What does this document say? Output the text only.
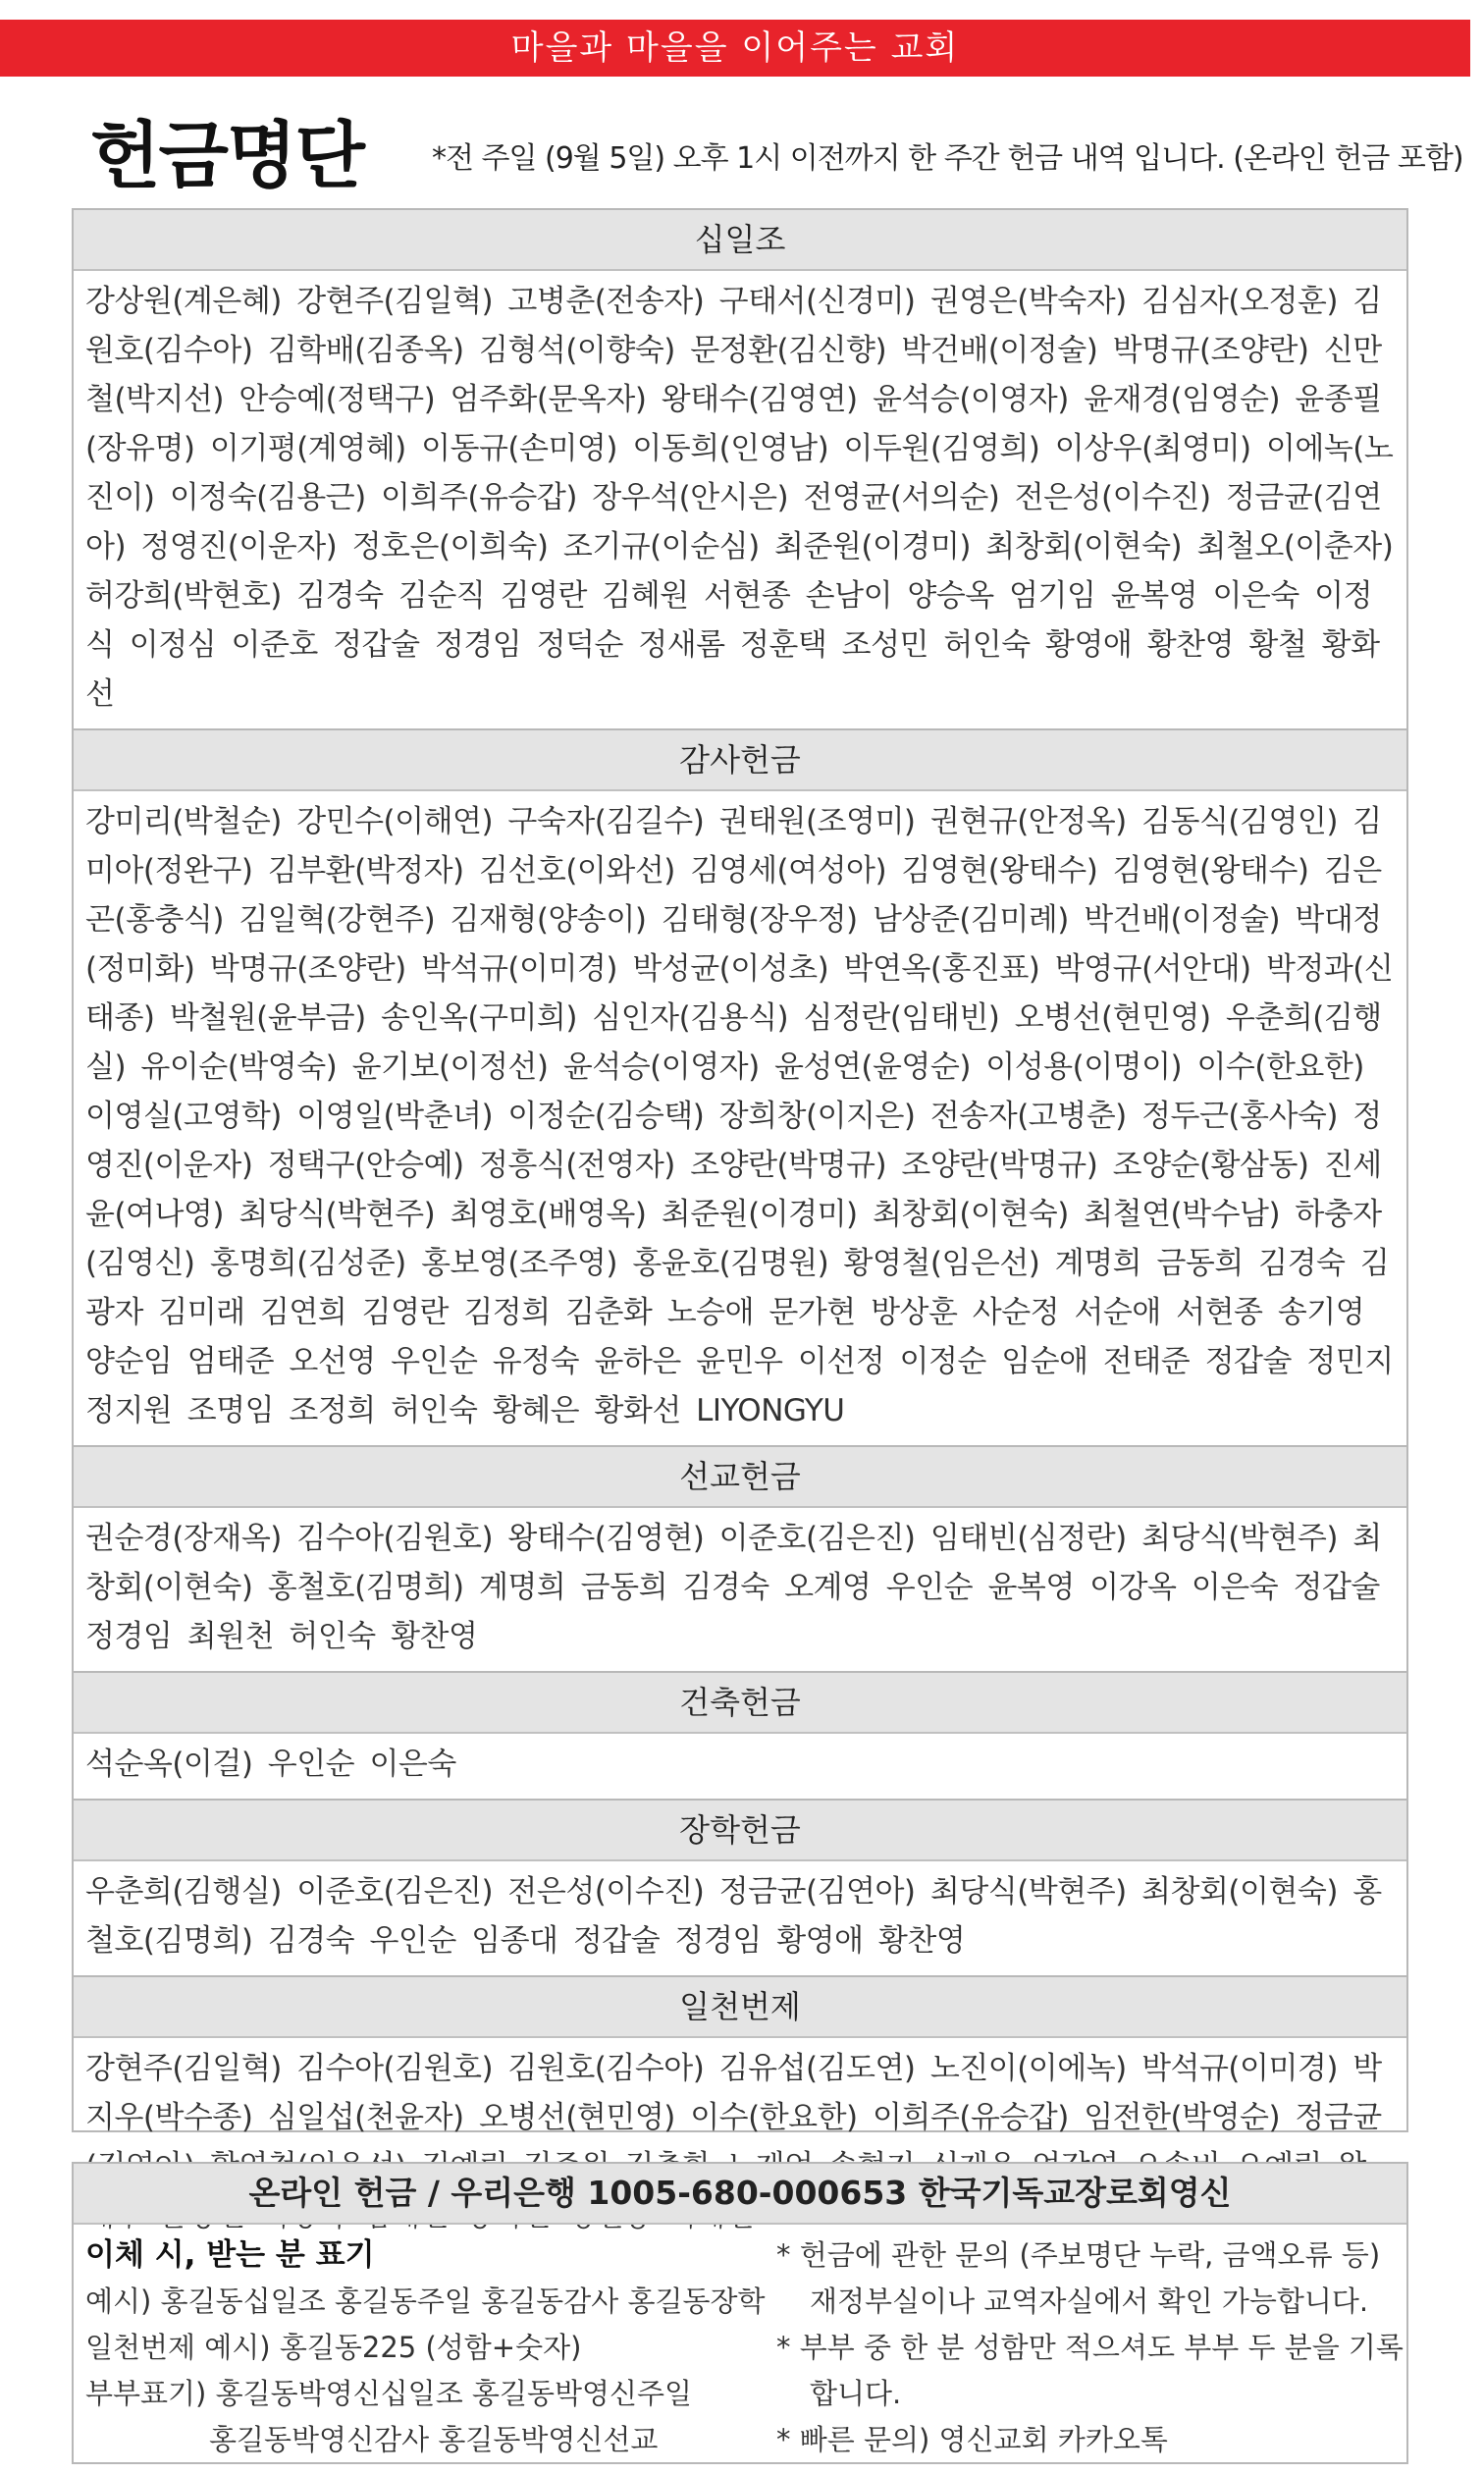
마을과 마을을 이어주는 교회
헌금명단 *전 주일 (9월 5일) 오후 1시 이전까지 한 주간 헌금 내역 입니다. (온라인 헌금 포함)
십일조
강상원(계은혜) 강현주(김일혁) 고병춘(전송자) 구태서(신경미) 권영은(박숙자) 김심자(오정훈) 김원호(김수아) 김학배(김종옥) 김형석(이향숙) 문정환(김신향) 박건배(이정술) 박명규(조양란) 신만철(박지선) 안승예(정택구) 엄주화(문옥자) 왕태수(김영연) 윤석승(이영자) 윤재경(임영순) 윤종필(장유명) 이기평(계영혜) 이동규(손미영) 이동희(인영남) 이두원(김영희) 이상우(최영미) 이에녹(노진이) 이정숙(김용근) 이희주(유승갑) 장우석(안시은) 전영균(서의순) 전은성(이수진) 정금균(김연아) 정영진(이운자) 정호은(이희숙) 조기규(이순심) 최준원(이경미) 최창회(이현숙) 최철오(이춘자) 허강희(박현호) 김경숙 김순직 김영란 김혜원 서현종 손남이 양승옥 엄기임 윤복영 이은숙 이정식 이정심 이준호 정갑술 정경임 정덕순 정새롬 정훈택 조성민 허인숙 황영애 황찬영 황철 황화선
감사헌금
강미리(박철순) 강민수(이해연) 구숙자(김길수) 권태원(조영미) 권현규(안정옥) 김동식(김영인) 김미아(정완구) 김부환(박정자) 김선호(이와선) 김영세(여성아) 김영현(왕태수) 김영현(왕태수) 김은곤(홍충식) 김일혁(강현주) 김재형(양송이) 김태형(장우정) 남상준(김미례) 박건배(이정술) 박대정(정미화) 박명규(조양란) 박석규(이미경) 박성균(이성초) 박연옥(홍진표) 박영규(서안대) 박정과(신태종) 박철원(윤부금) 송인옥(구미희) 심인자(김용식) 심정란(임태빈) 오병선(현민영) 우춘희(김행실) 유이순(박영숙) 윤기보(이정선) 윤석승(이영자) 윤성연(윤영순) 이성용(이명이) 이수(한요한) 이영실(고영학) 이영일(박춘녀) 이정순(김승택) 장희창(이지은) 전송자(고병춘) 정두근(홍사숙) 정영진(이운자) 정택구(안승예) 정흥식(전영자) 조양란(박명규) 조양란(박명규) 조양순(황삼동) 진세윤(여나영) 최당식(박현주) 최영호(배영옥) 최준원(이경미) 최창회(이현숙) 최철연(박수남) 하충자(김영신) 홍명희(김성준) 홍보영(조주영) 홍윤호(김명원) 황영철(임은선) 계명희 금동희 김경숙 김광자 김미래 김연희 김영란 김정희 김춘화 노승애 문가현 방상훈 사순정 서순애 서현종 송기영 양순임 엄태준 오선영 우인순 유정숙 윤하은 윤민우 이선정 이정순 임순애 전태준 정갑술 정민지 정지원 조명임 조정희 허인숙 황혜은 황화선 LIYONGYU
선교헌금
권순경(장재옥) 김수아(김원호) 왕태수(김영현) 이준호(김은진) 임태빈(심정란) 최당식(박현주) 최창회(이현숙) 홍철호(김명희) 계명희 금동희 김경숙 오계영 우인순 윤복영 이강옥 이은숙 정갑술 정경임 최원천 허인숙 황찬영
건축헌금
석순옥(이걸) 우인순 이은숙
장학헌금
우춘희(김행실) 이준호(김은진) 전은성(이수진) 정금균(김연아) 최당식(박현주) 최창회(이현숙) 홍철호(김명희) 김경숙 우인순 임종대 정갑술 정경임 황영애 황찬영
일천번제
강현주(김일혁) 김수아(김원호) 김원호(김수아) 김유섭(김도연) 노진이(이에녹) 박석규(이미경) 박지우(박수종) 심일섭(천윤자) 오병선(현민영) 이수(한요한) 이희주(유승갑) 임전한(박영순) 정금균
온라인 헌금 / 우리은행 1005-680-000653 한국기독교장로회영신
이체 시, 받는 분 표기
예시) 홍길동십일조 홍길동주일 홍길동감사 홍길동장학
일천번제 예시) 홍길동225 (성함+숫자)
부부표기) 홍길동박영신십일조 홍길동박영신주일
홍길동박영신감사 홍길동박영신선교
* 헌금에 관한 문의 (주보명단 누락, 금액오류 등) 재정부실이나 교역자실에서 확인 가능합니다.
* 부부 중 한 분 성함만 적으셔도 부부 두 분을 기록합니다.
* 빠른 문의) 영신교회 카카오톡
